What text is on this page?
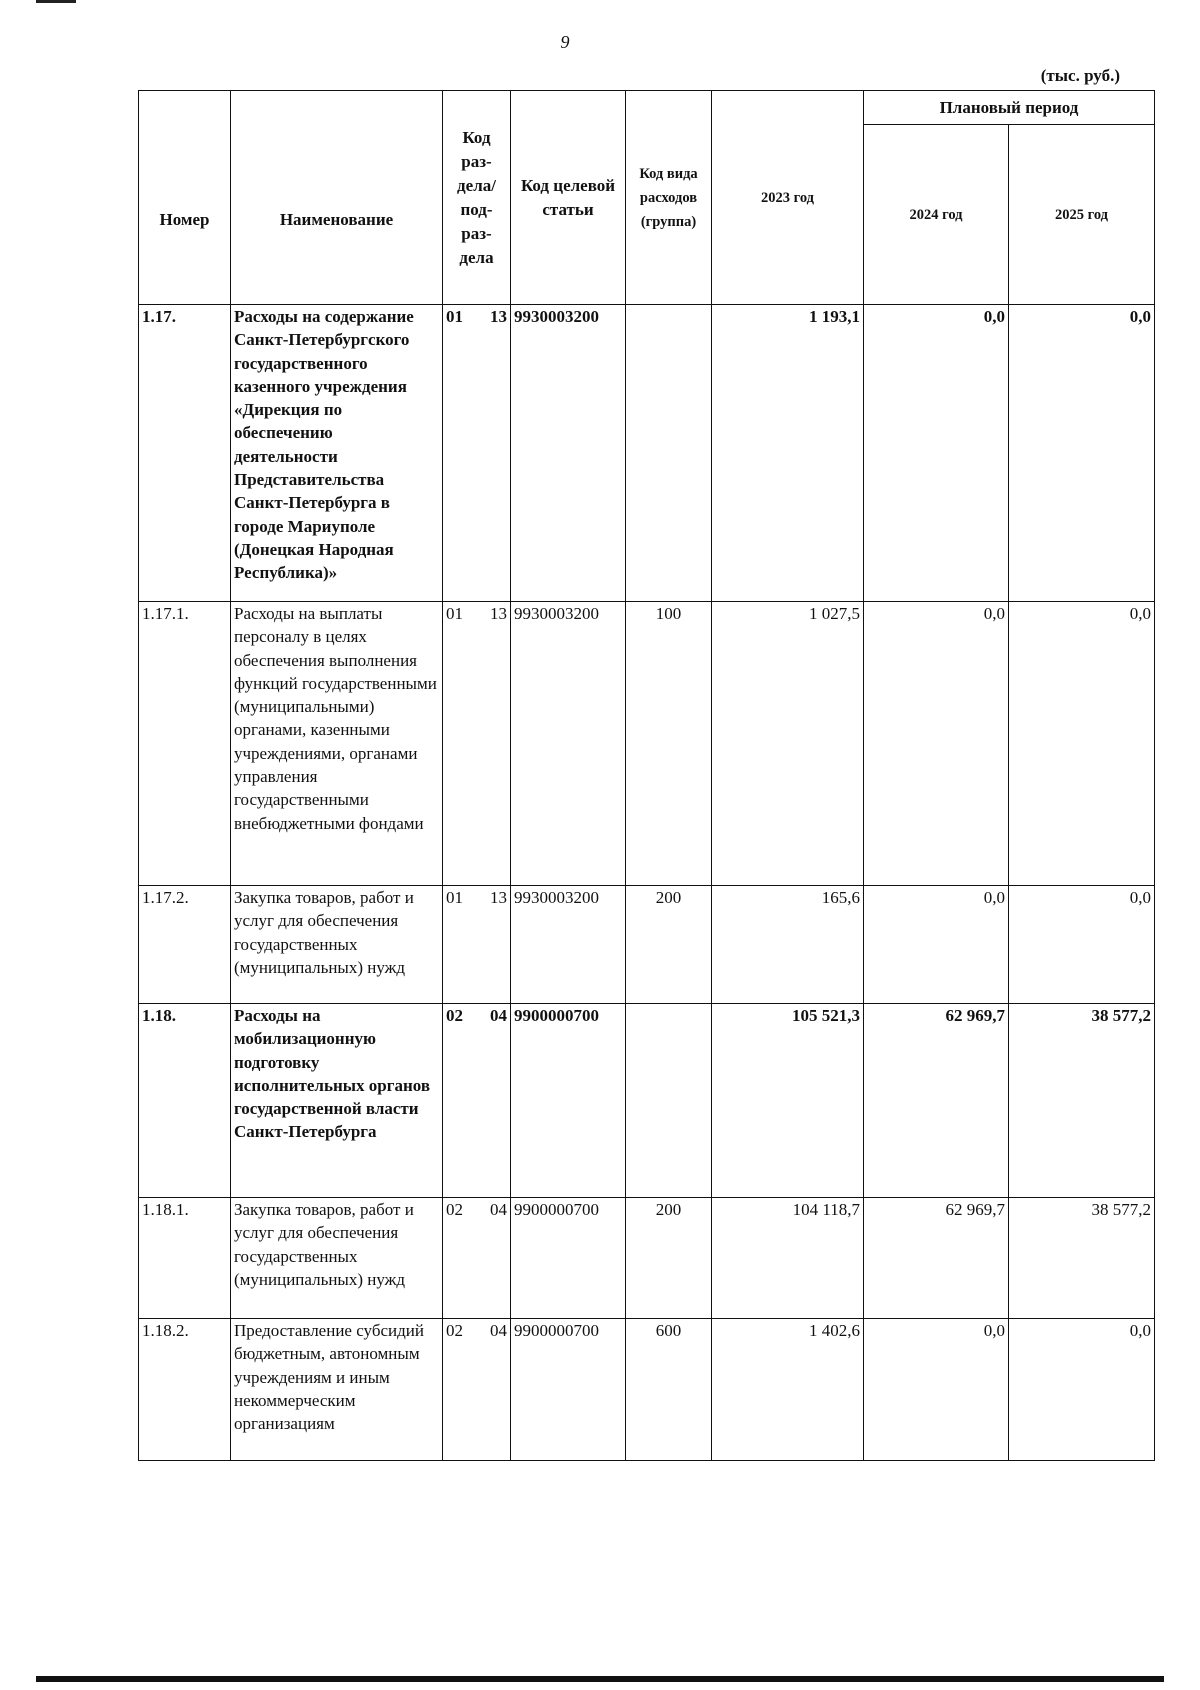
9
(тыс. руб.)
Номер	Наименование	Код раз-дела/ под-раз-дела	Код целевой статьи	Код вида расходов (группа)	2023 год	Плановый период	
						2024 год	2025 год
1.17.	Расходы на содержание Санкт-Петербургского государственного казенного учреждения «Дирекция по обеспечению деятельности Представительства Санкт-Петербурга в городе Мариуполе (Донецкая Народная Республика)»	01 13	9930003200		1 193,1	0,0	0,0
1.17.1.	Расходы на выплаты персоналу в целях обеспечения выполнения функций государственными (муниципальными) органами, казенными учреждениями, органами управления государственными внебюджетными фондами	01 13	9930003200	100	1 027,5	0,0	0,0
1.17.2.	Закупка товаров, работ и услуг для обеспечения государственных (муниципальных) нужд	01 13	9930003200	200	165,6	0,0	0,0
1.18.	Расходы на мобилизационную подготовку исполнительных органов государственной власти Санкт-Петербурга	02 04	9900000700		105 521,3	62 969,7	38 577,2
1.18.1.	Закупка товаров, работ и услуг для обеспечения государственных (муниципальных) нужд	02 04	9900000700	200	104 118,7	62 969,7	38 577,2
1.18.2.	Предоставление субсидий бюджетным, автономным учреждениям и иным некоммерческим организациям	02 04	9900000700	600	1 402,6	0,0	0,0
